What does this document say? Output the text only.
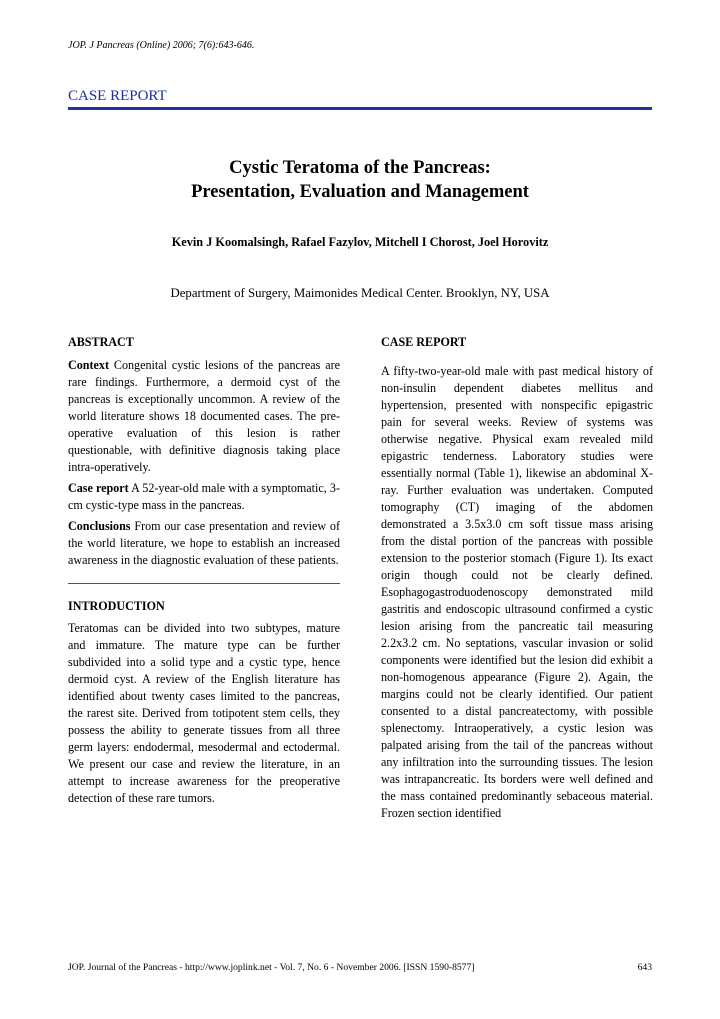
JOP. J Pancreas (Online) 2006; 7(6):643-646.
CASE REPORT
Cystic Teratoma of the Pancreas:
Presentation, Evaluation and Management
Kevin J Koomalsingh, Rafael Fazylov, Mitchell I Chorost, Joel Horovitz
Department of Surgery, Maimonides Medical Center. Brooklyn, NY, USA
ABSTRACT

Context Congenital cystic lesions of the pancreas are rare findings. Furthermore, a dermoid cyst of the pancreas is exceptionally uncommon. A review of the world literature shows 18 documented cases. The pre-operative evaluation of this lesion is rather questionable, with definitive diagnosis taking place intra-operatively.

Case report A 52-year-old male with a symptomatic, 3-cm cystic-type mass in the pancreas.

Conclusions From our case presentation and review of the world literature, we hope to establish an increased awareness in the diagnostic evaluation of these patients.

INTRODUCTION

Teratomas can be divided into two subtypes, mature and immature. The mature type can be further subdivided into a solid type and a cystic type, hence dermoid cyst. A review of the English literature has identified about twenty cases limited to the pancreas, the rarest site. Derived from totipotent stem cells, they possess the ability to generate tissues from all three germ layers: endodermal, mesodermal and ectodermal. We present our case and review the literature, in an attempt to increase awareness for the preoperative detection of these rare tumors.

CASE REPORT

A fifty-two-year-old male with past medical history of non-insulin dependent diabetes mellitus and hypertension, presented with nonspecific epigastric pain for several weeks. Review of systems was otherwise negative. Physical exam revealed mild epigastric tenderness. Laboratory studies were essentially normal (Table 1), likewise an abdominal X-ray. Further evaluation was undertaken. Computed tomography (CT) imaging of the abdomen demonstrated a 3.5x3.0 cm soft tissue mass arising from the distal portion of the pancreas with possible extension to the posterior stomach (Figure 1). Its exact origin though could not be clearly defined. Esophagogastroduodenoscopy demonstrated mild gastritis and endoscopic ultrasound confirmed a cystic lesion arising from the pancreatic tail measuring 2.2x3.2 cm. No septations, vascular invasion or solid components were identified but the lesion did exhibit a non-homogenous appearance (Figure 2). Again, the margins could not be clearly identified. Our patient consented to a distal pancreatectomy, with possible splenectomy. Intraoperatively, a cystic lesion was palpated arising from the tail of the pancreas without any infiltration into the surrounding tissues. The lesion was intrapancreatic. Its borders were well defined and the mass contained predominantly sebaceous material. Frozen section identified

JOP. Journal of the Pancreas - http://www.joplink.net - Vol. 7, No. 6 - November 2006. [ISSN 1590-8577]	643
